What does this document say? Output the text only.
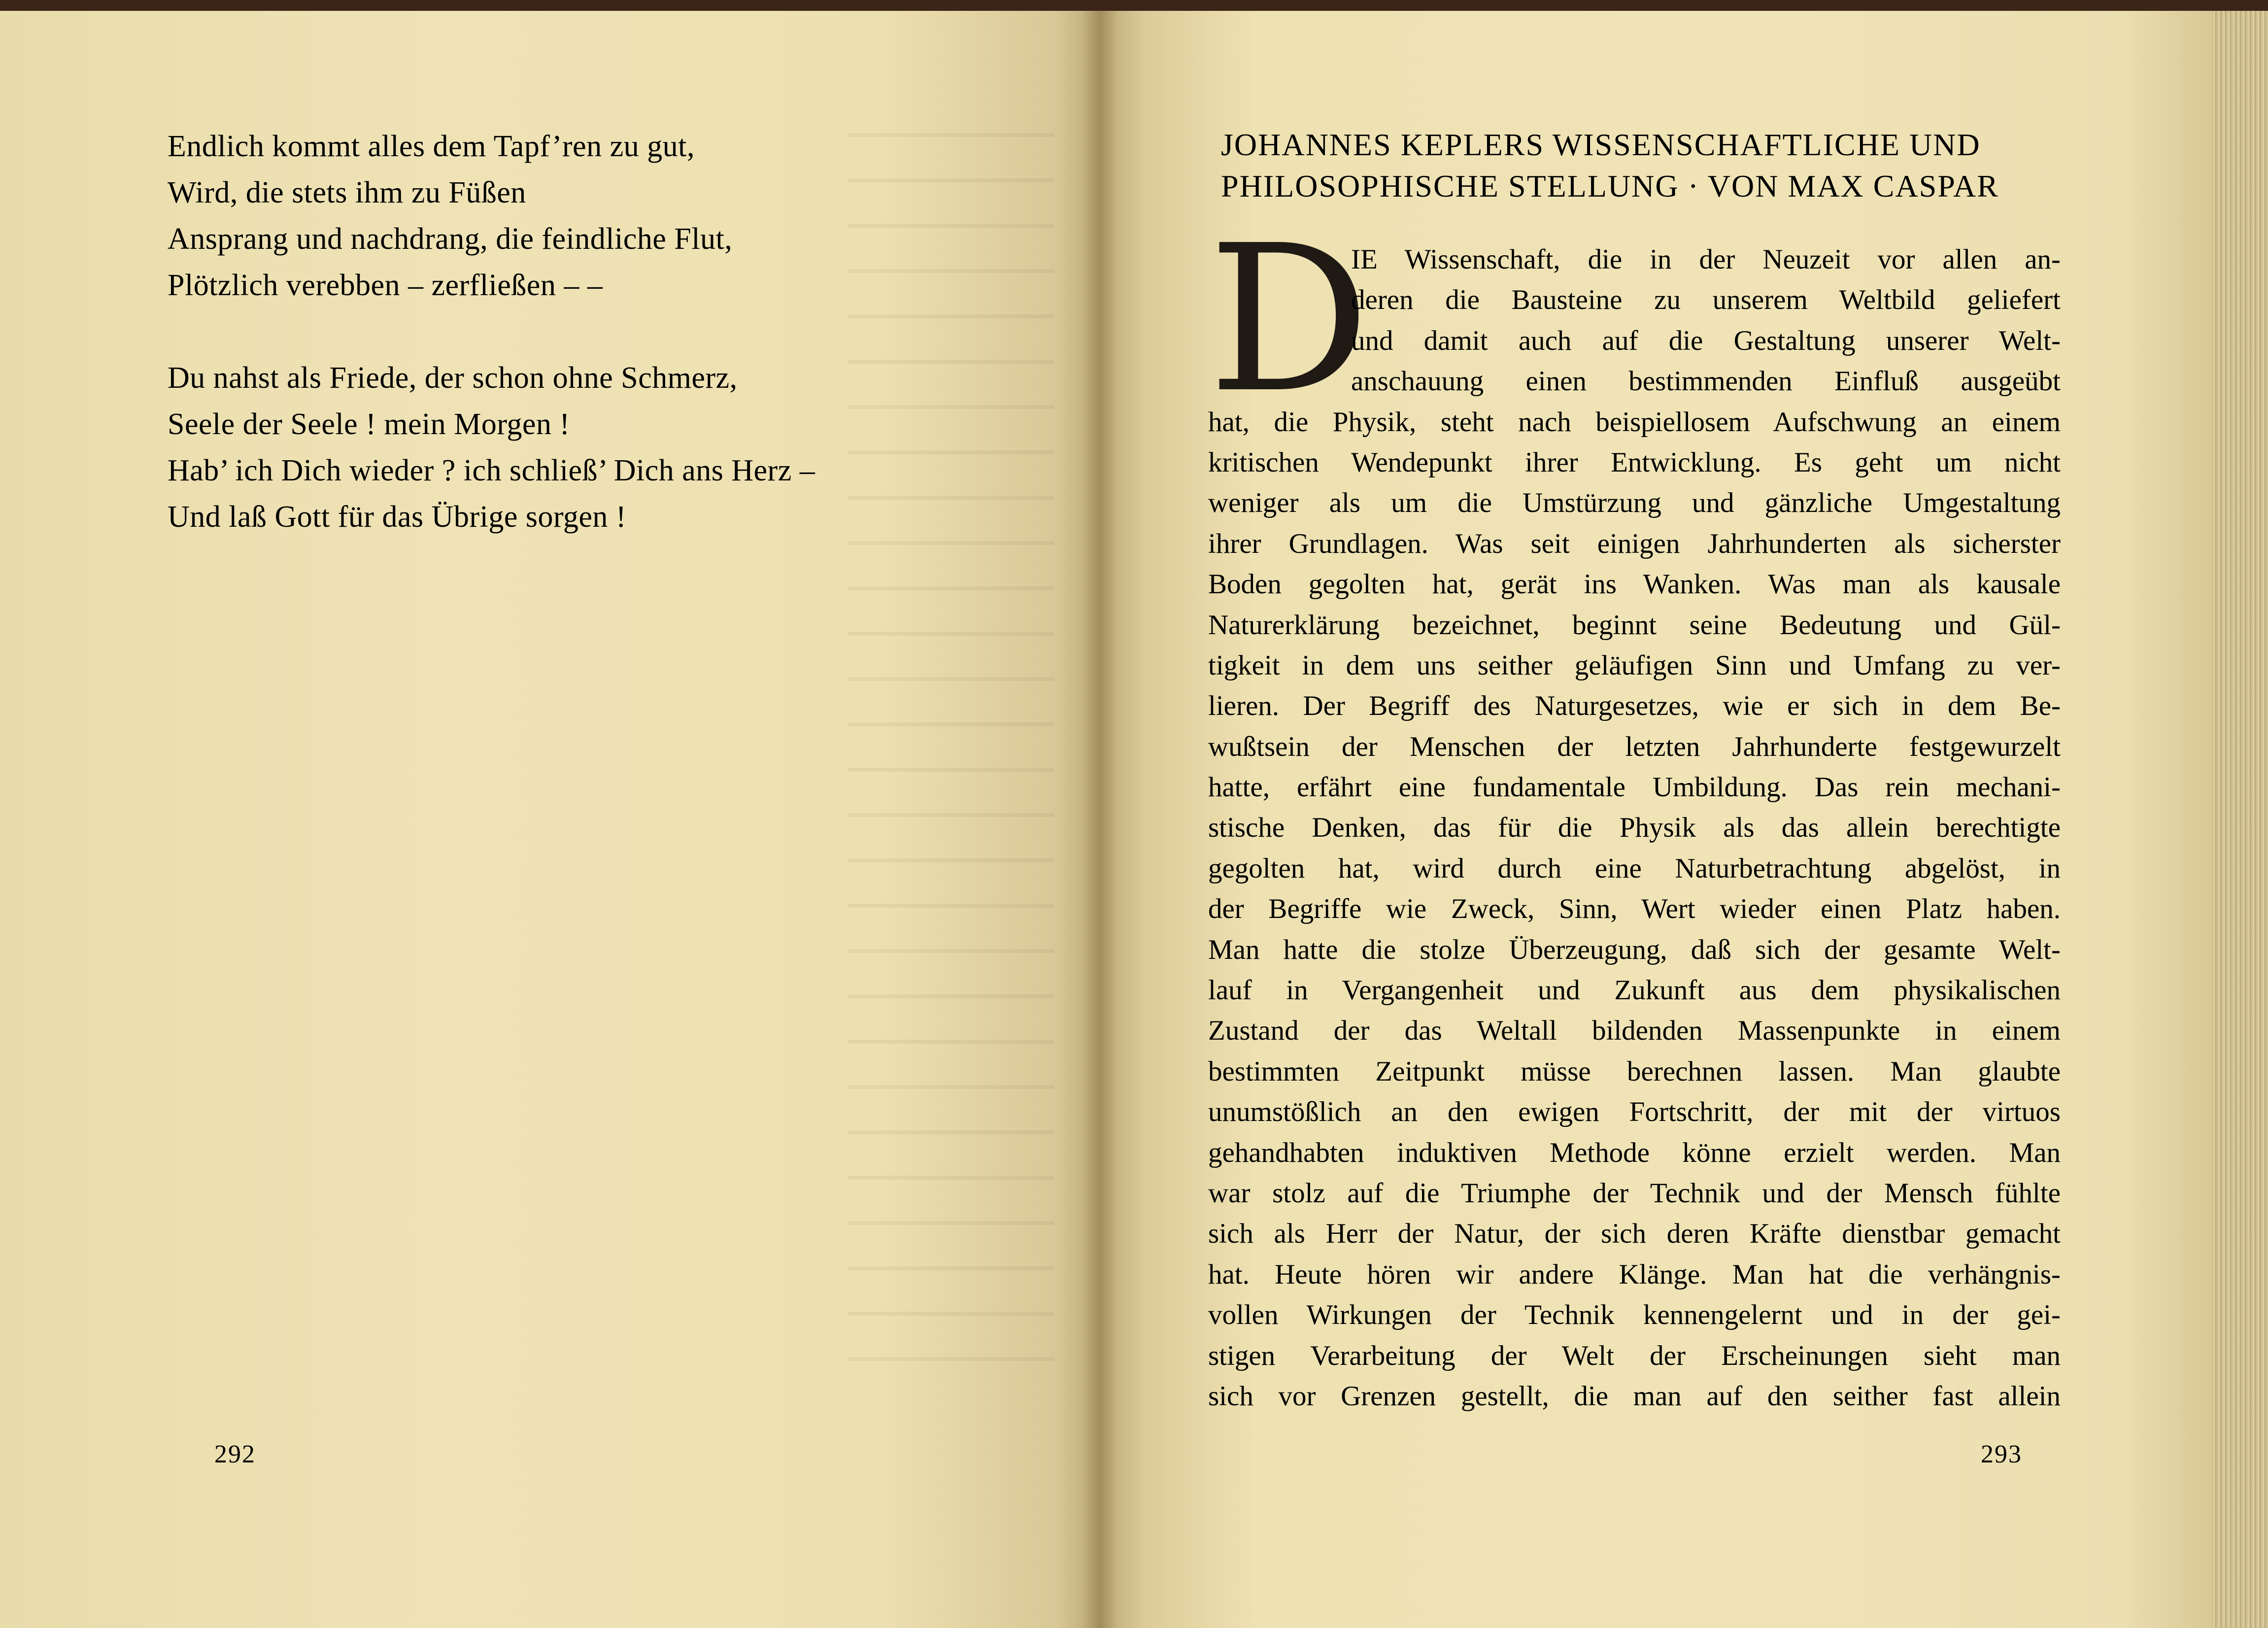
Endlich kommt alles dem Tapf’ren zu gut,
Wird, die stets ihm zu Füßen
Ansprang und nachdrang, die feindliche Flut,
Plötzlich verebben – zerfließen – –
Du nahst als Friede, der schon ohne Schmerz,
Seele der Seele ! mein Morgen !
Hab’ ich Dich wieder ? ich schließ’ Dich ans Herz –
Und laß Gott für das Übrige sorgen !
292
JOHANNES KEPLERS WISSENSCHAFTLICHE UND
PHILOSOPHISCHE STELLUNG · VON MAX CASPAR
D
IE Wissenschaft, die in der Neuzeit vor allen an-
deren die Bausteine zu unserem Weltbild geliefert
und damit auch auf die Gestaltung unserer Welt-
anschauung einen bestimmenden Einfluß ausgeübt
hat, die Physik, steht nach beispiellosem Aufschwung an einem
kritischen Wendepunkt ihrer Entwicklung. Es geht um nicht
weniger als um die Umstürzung und gänzliche Umgestaltung
ihrer Grundlagen. Was seit einigen Jahrhunderten als sicherster
Boden gegolten hat, gerät ins Wanken. Was man als kausale
Naturerklärung bezeichnet, beginnt seine Bedeutung und Gül-
tigkeit in dem uns seither geläufigen Sinn und Umfang zu ver-
lieren. Der Begriff des Naturgesetzes, wie er sich in dem Be-
wußtsein der Menschen der letzten Jahrhunderte festgewurzelt
hatte, erfährt eine fundamentale Umbildung. Das rein mechani-
stische Denken, das für die Physik als das allein berechtigte
gegolten hat, wird durch eine Naturbetrachtung abgelöst, in
der Begriffe wie Zweck, Sinn, Wert wieder einen Platz haben.
Man hatte die stolze Überzeugung, daß sich der gesamte Welt-
lauf in Vergangenheit und Zukunft aus dem physikalischen
Zustand der das Weltall bildenden Massenpunkte in einem
bestimmten Zeitpunkt müsse berechnen lassen. Man glaubte
unumstößlich an den ewigen Fortschritt, der mit der virtuos
gehandhabten induktiven Methode könne erzielt werden. Man
war stolz auf die Triumphe der Technik und der Mensch fühlte
sich als Herr der Natur, der sich deren Kräfte dienstbar gemacht
hat. Heute hören wir andere Klänge. Man hat die verhängnis-
vollen Wirkungen der Technik kennengelernt und in der gei-
stigen Verarbeitung der Welt der Erscheinungen sieht man
sich vor Grenzen gestellt, die man auf den seither fast allein
293
